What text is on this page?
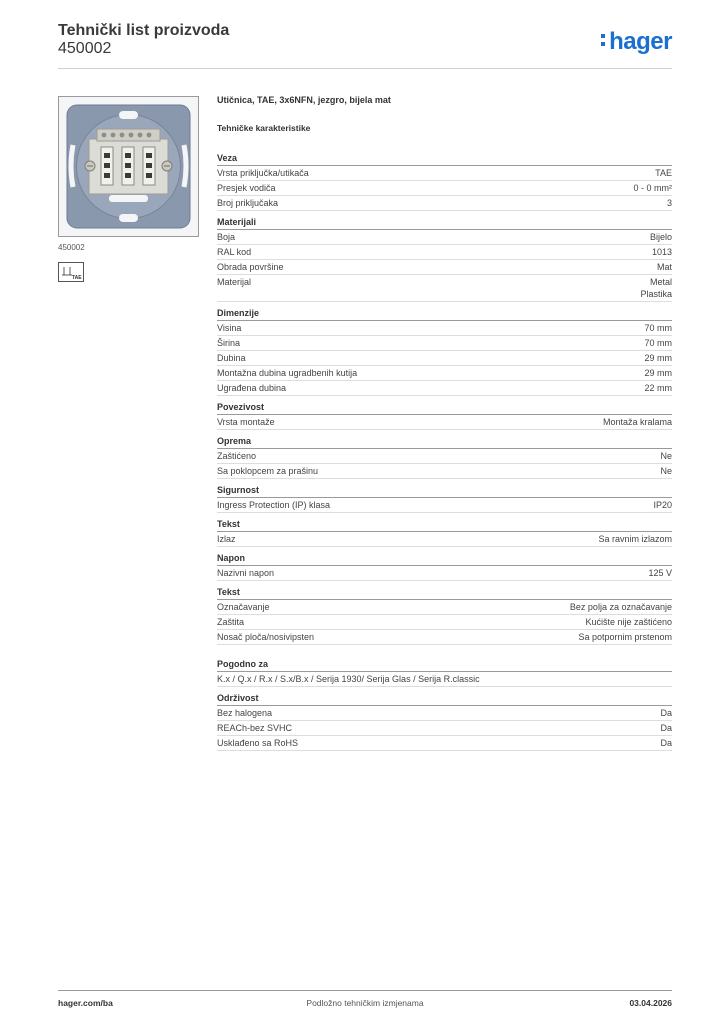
Tehnički list proizvoda
450002	hager
450002
TAE
Utičnica, TAE, 3x6NFN, jezgro, bijela mat
Tehničke karakteristike
Veza
Vrsta priključka/utikača	TAE
Presjek vodiča	0 - 0 mm²
Broj priključaka	3
Materijali
Boja	Bijelo
RAL kod	1013
Obrada površine	Mat
Materijal	Metal
Plastika
Dimenzije
Visina	70 mm
Širina	70 mm
Dubina	29 mm
Montažna dubina ugradbenih kutija	29 mm
Ugrađena dubina	22 mm
Povezivost
Vrsta montaže	Montaža kralama
Oprema
Zaštićeno	Ne
Sa poklopcem za prašinu	Ne
Sigurnost
Ingress Protection (IP) klasa	IP20
Tekst
Izlaz	Sa ravnim izlazom
Napon
Nazivni napon	125 V
Tekst
Označavanje	Bez polja za označavanje
Zaštita	Kućište nije zaštićeno
Nosač ploča/nosivipsten	Sa potpornim prstenom
Pogodno za
K.x / Q.x / R.x / S.x/B.x / Serija 1930/ Serija Glas / Serija R.classic
Održivost
Bez halogena	Da
REACh-bez SVHC	Da
Usklađeno sa RoHS	Da
hager.com/ba	Podložno tehničkim izmjenama	03.04.2026
